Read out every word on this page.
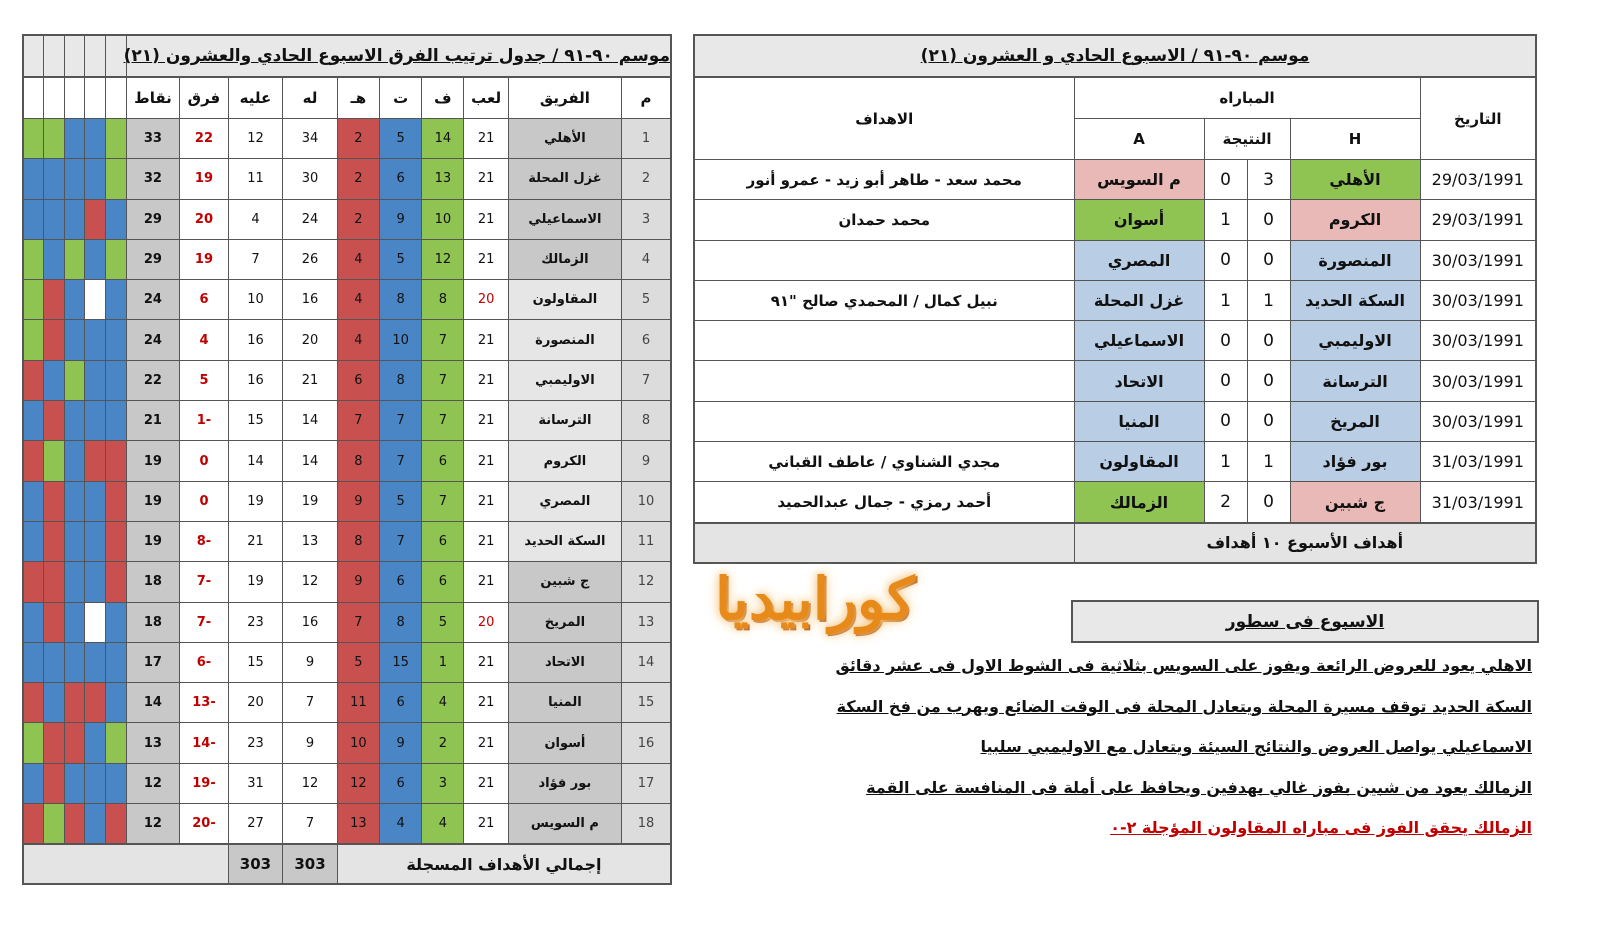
موسم ٩٠-٩١ / جدول ترتيب الفرق الاسبوع الحادي والعشرون (٢١)														
م	الفريق	لعب	ف	ت	هـ	له	عليه	فرق	نقاط					
1	الأهلي	21	14	5	2	34	12	22	33					
2	غزل المحلة	21	13	6	2	30	11	19	32					
3	الاسماعيلي	21	10	9	2	24	4	20	29					
4	الزمالك	21	12	5	4	26	7	19	29					
5	المقاولون	20	8	8	4	16	10	6	24					
6	المنصورة	21	7	10	4	20	16	4	24					
7	الاوليمبي	21	7	8	6	21	16	5	22					
8	الترسانة	21	7	7	7	14	15	-1	21					
9	الكروم	21	6	7	8	14	14	0	19					
10	المصري	21	7	5	9	19	19	0	19					
11	السكة الحديد	21	6	7	8	13	21	-8	19					
12	ج شبين	21	6	6	9	12	19	-7	18					
13	المريخ	20	5	8	7	16	23	-7	18					
14	الاتحاد	21	1	15	5	9	15	-6	17					
15	المنيا	21	4	6	11	7	20	-13	14					
16	أسوان	21	2	9	10	9	23	-14	13					
17	بور فؤاد	21	3	6	12	12	31	-19	12					
18	م السويس	21	4	4	13	7	27	-20	12					
إجمالي الأهداف المسجلة						303	303							
موسم ٩٠-٩١ / الاسبوع الحادي و العشرون (٢١)					
التاريخ	المباراه				الاهداف
	H	النتيجة		A	
29/03/1991	الأهلي	3	0	م السويس	محمد سعد - طاهر أبو زيد - عمرو أنور
29/03/1991	الكروم	0	1	أسوان	محمد حمدان
30/03/1991	المنصورة	0	0	المصري	
30/03/1991	السكة الحديد	1	1	غزل المحلة	نبيل كمال / المحمدي صالح "٩١
30/03/1991	الاوليمبي	0	0	الاسماعيلي	
30/03/1991	الترسانة	0	0	الاتحاد	
30/03/1991	المريخ	0	0	المنيا	
31/03/1991	بور فؤاد	1	1	المقاولون	مجدي الشناوي / عاطف القباني
31/03/1991	ج شبين	0	2	الزمالك	أحمد رمزي - جمال عبدالحميد
أهداف الأسبوع ١٠ أهداف					
كورابيديا	الاسبوع فى سطور
الاهلي يعود للعروض الرائعة ويفوز على السويس بثلاثية فى الشوط الاول فى عشر دقائق
السكة الحديد توقف مسيرة المحلة ويتعادل المحلة فى الوقت الضائع ويهرب من فخ السكة
الاسماعيلي يواصل العروض والنتائج السيئة ويتعادل مع الاوليمبي سلبيا
الزمالك يعود من شبين بفوز غالي بهدفين ويحافظ على أملة فى المنافسة على القمة
الزمالك يحقق الفوز فى مباراه المقاولون المؤجلة ٢-٠
